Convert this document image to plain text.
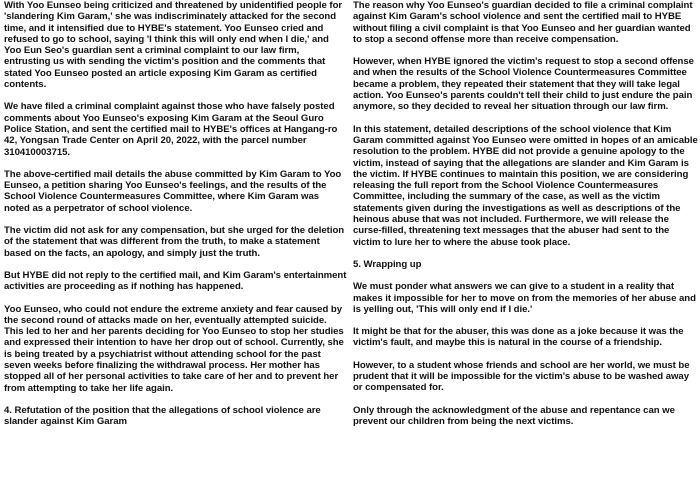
With Yoo Eunseo being criticized and threatened by unidentified people for 'slandering Kim Garam,' she was indiscriminately attacked for the second time, and it intensified due to HYBE's statement. Yoo Eunseo cried and refused to go to school, saying 'I think this will only end when I die,' and Yoo Eun Seo's guardian sent a criminal complaint to our law firm, entrusting us with sending the victim's position and the comments that stated Yoo Eunseo posted an article exposing Kim Garam as certified contents.

We have filed a criminal complaint against those who have falsely posted comments about Yoo Eunseo's exposing Kim Garam at the Seoul Guro Police Station, and sent the certified mail to HYBE's offices at Hangang-ro 42, Yongsan Trade Center on April 20, 2022, with the parcel number 310410003715.

The above-certified mail details the abuse committed by Kim Garam to Yoo Eunseo, a petition sharing Yoo Eunseo's feelings, and the results of the School Violence Countermeasures Committee, where Kim Garam was noted as a perpetrator of school violence.

The victim did not ask for any compensation, but she urged for the deletion of the statement that was different from the truth, to make a statement based on the facts, an apology, and simply just the truth.

But HYBE did not reply to the certified mail, and Kim Garam's entertainment activities are proceeding as if nothing has happened.

Yoo Eunseo, who could not endure the extreme anxiety and fear caused by the second round of attacks made on her, eventually attempted suicide. This led to her and her parents deciding for Yoo Eunseo to stop her studies and expressed their intention to have her drop out of school. Currently, she is being treated by a psychiatrist without attending school for the past seven weeks before finalizing the withdrawal process. Her mother has stopped all of her personal activities to take care of her and to prevent her from attempting to take her life again.

4. Refutation of the position that the allegations of school violence are slander against Kim Garam

The reason why Yoo Eunseo's guardian decided to file a criminal complaint against Kim Garam's school violence and sent the certified mail to HYBE without filing a civil complaint is that Yoo Eunseo and her guardian wanted to stop a second offense more than receive compensation.

However, when HYBE ignored the victim's request to stop a second offense and when the results of the School Violence Countermeasures Committee became a problem, they repeated their statement that they will take legal action. Yoo Eunseo's parents couldn't tell their child to just endure the pain anymore, so they decided to reveal her situation through our law firm.

In this statement, detailed descriptions of the school violence that Kim Garam committed against Yoo Eunseo were omitted in hopes of an amicable resolution to the problem. HYBE did not provide a genuine apology to the victim, instead of saying that the allegations are slander and Kim Garam is the victim. If HYBE continues to maintain this position, we are considering releasing the full report from the School Violence Countermeasures Committee, including the summary of the case, as well as the victim statements given during the investigations as well as descriptions of the heinous abuse that was not included. Furthermore, we will release the curse-filled, threatening text messages that the abuser had sent to the victim to lure her to where the abuse took place.

5. Wrapping up

We must ponder what answers we can give to a student in a reality that makes it impossible for her to move on from the memories of her abuse and is yelling out, 'This will only end if I die.'

It might be that for the abuser, this was done as a joke because it was the victim's fault, and maybe this is natural in the course of a friendship.

However, to a student whose friends and school are her world, we must be prudent that it will be impossible for the victim's abuse to be washed away or compensated for.

Only through the acknowledgment of the abuse and repentance can we prevent our children from being the next victims.
